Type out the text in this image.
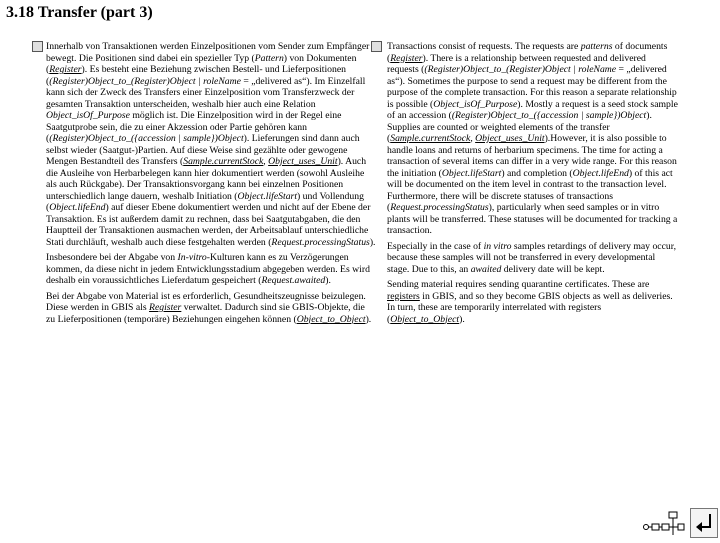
3.18 Transfer (part 3)

Innerhalb von Transaktionen werden Einzelpositionen vom Sender zum Empfänger bewegt. Die Positionen sind dabei ein spezieller Typ (Pattern) von Dokumenten (Register). Es besteht eine Beziehung zwischen Bestell- und Lieferpositionen ((Register)Object_to_(Register)Object | roleName = „delivered as“). Im Einzelfall kann sich der Zweck des Transfers einer Einzelposition vom Transferzweck der gesamten Transaktion unterscheiden, weshalb hier auch eine Relation Object_isOf_Purpose möglich ist. Die Einzelposition wird in der Regel eine Saatgutprobe sein, die zu einer Akzession oder Partie gehören kann ((Register)Object_to_({accession | sample})Object). Lieferungen sind dann auch selbst wieder (Saatgut-)Partien. Auf diese Weise sind gezählte oder gewogene Mengen Bestandteil des Transfers (Sample.currentStock, Object_uses_Unit). Auch die Ausleihe von Herbarbelegen kann hier dokumentiert werden (sowohl Ausleihe als auch Rückgabe). Der Transaktionsvorgang kann bei einzelnen Positionen unterschiedlich lange dauern, weshalb Initiation (Object.lifeStart) und Vollendung (Object.lifeEnd) auf dieser Ebene dokumentiert werden und nicht auf der Ebene der Transaktion. Es ist außerdem damit zu rechnen, dass bei Saatgutabgaben, die den Hauptteil der Transaktionen ausmachen werden, der Arbeitsablauf unterschiedliche Stati durchläuft, weshalb auch diese festgehalten werden (Request.processingStatus).

Insbesondere bei der Abgabe von In-vitro-Kulturen kann es zu Verzögerungen kommen, da diese nicht in jedem Entwicklungsstadium abgegeben werden. Es wird deshalb ein voraussichtliches Lieferdatum gespeichert (Request.awaited).

Bei der Abgabe von Material ist es erforderlich, Gesundheitszeugnisse beizulegen. Diese werden in GBIS als Register verwaltet. Dadurch sind sie GBIS-Objekte, die zu Lieferpositionen (temporäre) Beziehungen eingehen können (Object_to_Object).

Transactions consist of requests. The requests are patterns of documents (Register). There is a relationship between requested and delivered requests ((Register)Object_to_(Register)Object | roleName = „delivered as“). Sometimes the purpose to send a request may be different from the purpose of the complete transaction. For this reason a separate relationship is possible (Object_isOf_Purpose). Mostly a request is a seed stock sample of an accession ((Register)Object_to_({accession | sample})Object). Supplies are counted or weighted elements of the transfer (Sample.currentStock, Object_uses_Unit).However, it is also possible to handle loans and returns of herbarium specimens. The time for acting a transaction of several items can differ in a very wide range. For this reason the initiation (Object.lifeStart) and completion (Object.lifeEnd) of this act will be documented on the item level in contrast to the transaction level. Furthermore, there will be discrete statuses of transactions (Request.processingStatus), particularly when seed samples or in vitro plants will be transferred. These statuses will be documented for tracking a transaction.

Especially in the case of in vitro samples retardings of delivery may occur, because these samples will not be transferred in every developmental stage. Due to this, an awaited delivery date will be kept.

Sending material requires sending quarantine certificates. These are registers in GBIS, and so they become GBIS objects as well as deliveries. In turn, these are temporarily interrelated with registers (Object_to_Object).
